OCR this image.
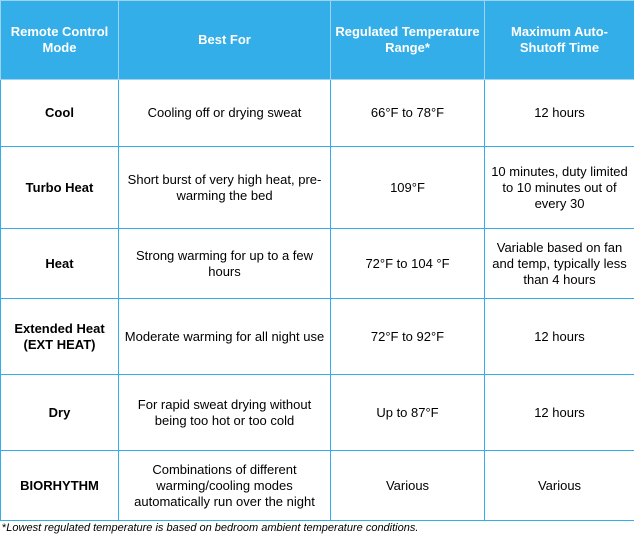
Remote Control Mode	Best For	Regulated Temperature Range*	Maximum Auto-Shutoff Time
Cool	Cooling off or drying sweat	66°F to 78°F	12 hours
Turbo Heat	Short burst of very high heat, pre-warming the bed	109°F	10 minutes, duty limited to 10 minutes out of every 30
Heat	Strong warming for up to a few hours	72°F to 104 °F	Variable based on fan and temp, typically less than 4 hours
Extended Heat (EXT HEAT)	Moderate warming for all night use	72°F to 92°F	12 hours
Dry	For rapid sweat drying without being too hot or too cold	Up to 87°F	12 hours
BIORHYTHM	Combinations of different warming/cooling modes automatically run over the night	Various	Various
*Lowest regulated temperature is based on bedroom ambient temperature conditions.
